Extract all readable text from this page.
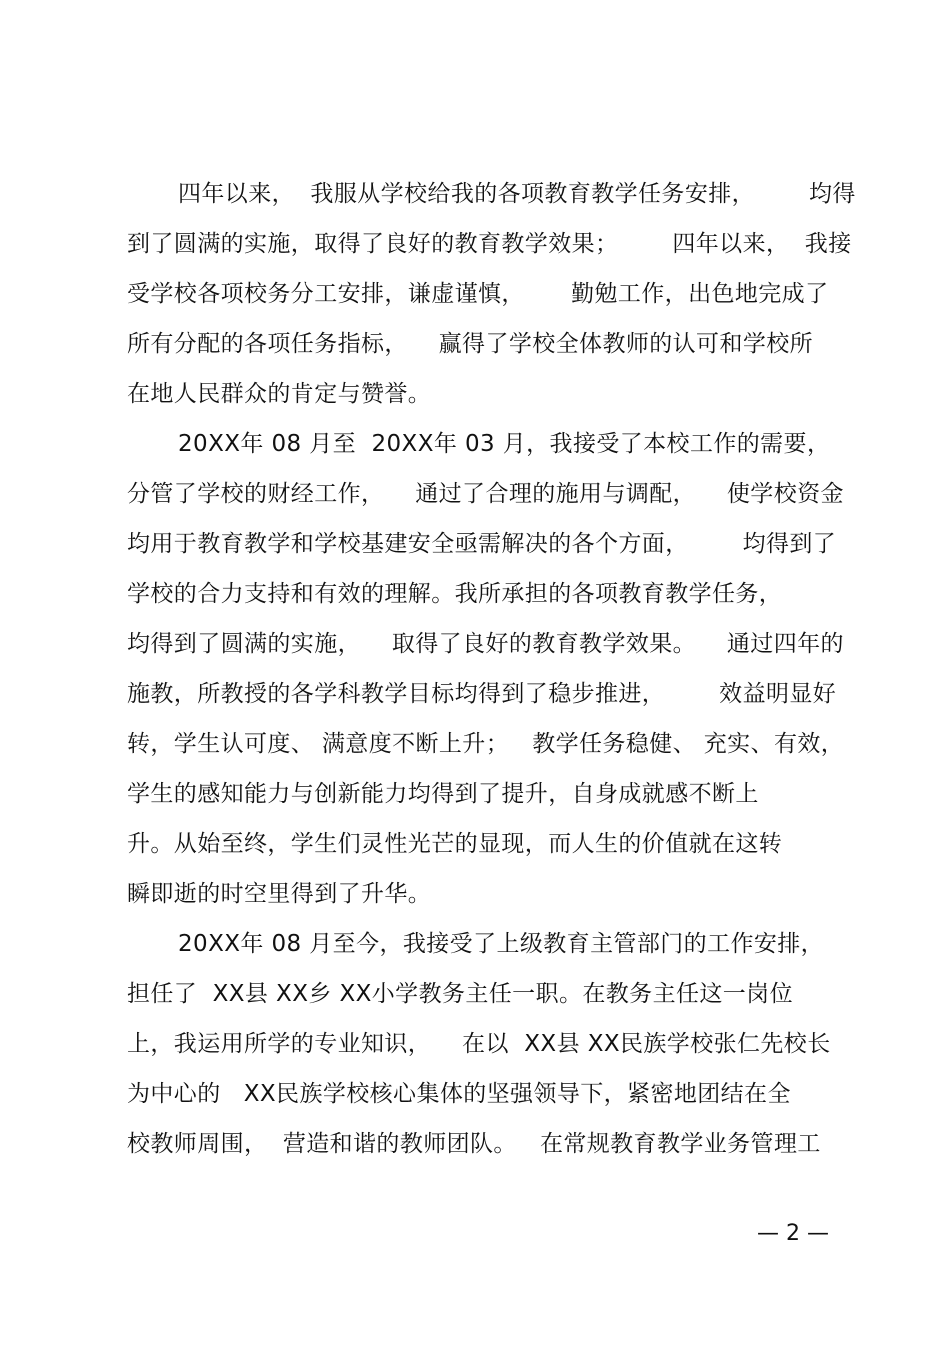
四年以来，  我服从学校给我的各项教育教学任务安排，       均得
到了圆满的实施，取得了良好的教育教学效果；       四年以来，  我接
受学校各项校务分工安排，谦虚谨慎，      勤勉工作，出色地完成了
所有分配的各项任务指标，    赢得了学校全体教师的认可和学校所
在地人民群众的肯定与赞誉。
20XX年 08 月至  20XX年 03 月，我接受了本校工作的需要，
分管了学校的财经工作，    通过了合理的施用与调配，    使学校资金
均用于教育教学和学校基建安全亟需解决的各个方面，       均得到了
学校的合力支持和有效的理解。我所承担的各项教育教学任务，
均得到了圆满的实施，    取得了良好的教育教学效果。    通过四年的
施教，所教授的各学科教学目标均得到了稳步推进，       效益明显好
转，学生认可度、 满意度不断上升；   教学任务稳健、 充实、有效，
学生的感知能力与创新能力均得到了提升，自身成就感不断上
升。从始至终，学生们灵性光芒的显现，而人生的价值就在这转
瞬即逝的时空里得到了升华。
20XX年 08 月至今，我接受了上级教育主管部门的工作安排，
担任了  XX县 XX乡 XX小学教务主任一职。在教务主任这一岗位
上，我运用所学的专业知识，    在以  XX县 XX民族学校张仁先校长
为中心的   XX民族学校核心集体的坚强领导下，紧密地团结在全
校教师周围，  营造和谐的教师团队。   在常规教育教学业务管理工
— 2 —
